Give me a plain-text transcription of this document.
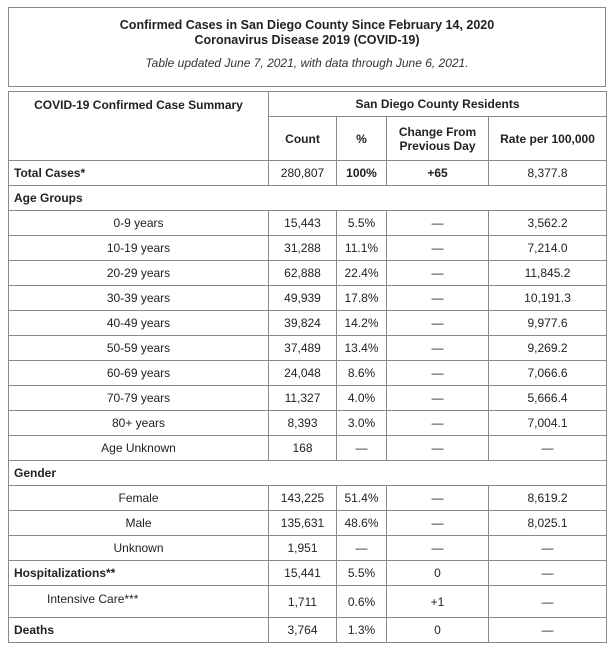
Confirmed Cases in San Diego County Since February 14, 2020
Coronavirus Disease 2019 (COVID-19)
Table updated June 7, 2021, with data through June 6, 2021.
COVID-19 Confirmed Case Summary	San Diego County Residents			
	Count	%	Change From Previous Day	Rate per 100,000
Total Cases*	280,807	100%	+65	8,377.8
Age Groups				
0-9 years	15,443	5.5%	—	3,562.2
10-19 years	31,288	11.1%	—	7,214.0
20-29 years	62,888	22.4%	—	11,845.2
30-39 years	49,939	17.8%	—	10,191.3
40-49 years	39,824	14.2%	—	9,977.6
50-59 years	37,489	13.4%	—	9,269.2
60-69 years	24,048	8.6%	—	7,066.6
70-79 years	11,327	4.0%	—	5,666.4
80+ years	8,393	3.0%	—	7,004.1
Age Unknown	168	—	—	—
Gender				
Female	143,225	51.4%	—	8,619.2
Male	135,631	48.6%	—	8,025.1
Unknown	1,951	—	—	—
Hospitalizations**	15,441	5.5%	0	—
Intensive Care***	1,711	0.6%	+1	—
Deaths	3,764	1.3%	0	—
